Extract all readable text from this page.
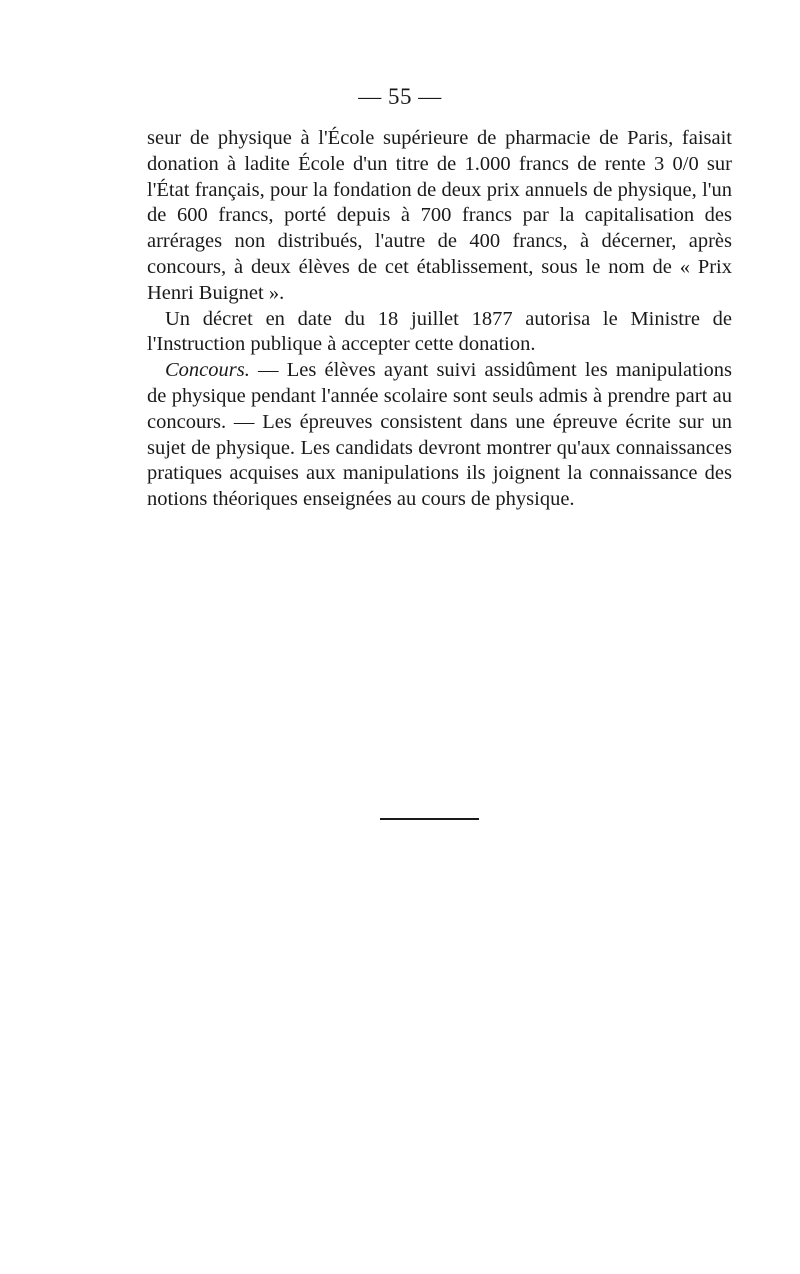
— 55 —

seur de physique à l'École supérieure de pharmacie de Paris, faisait donation à ladite École d'un titre de 1.000 francs de rente 3 0/0 sur l'État français, pour la fondation de deux prix annuels de physique, l'un de 600 francs, porté depuis à 700 francs par la capitalisation des arrérages non distribués, l'autre de 400 francs, à décerner, après concours, à deux élèves de cet établissement, sous le nom de « Prix Henri Buignet ».

Un décret en date du 18 juillet 1877 autorisa le Ministre de l'Instruction publique à accepter cette donation.

Concours. — Les élèves ayant suivi assidûment les manipulations de physique pendant l'année scolaire sont seuls admis à prendre part au concours. — Les épreuves consistent dans une épreuve écrite sur un sujet de physique. Les candidats devront montrer qu'aux connaissances pratiques acquises aux manipulations ils joignent la connaissance des notions théoriques enseignées au cours de physique.
